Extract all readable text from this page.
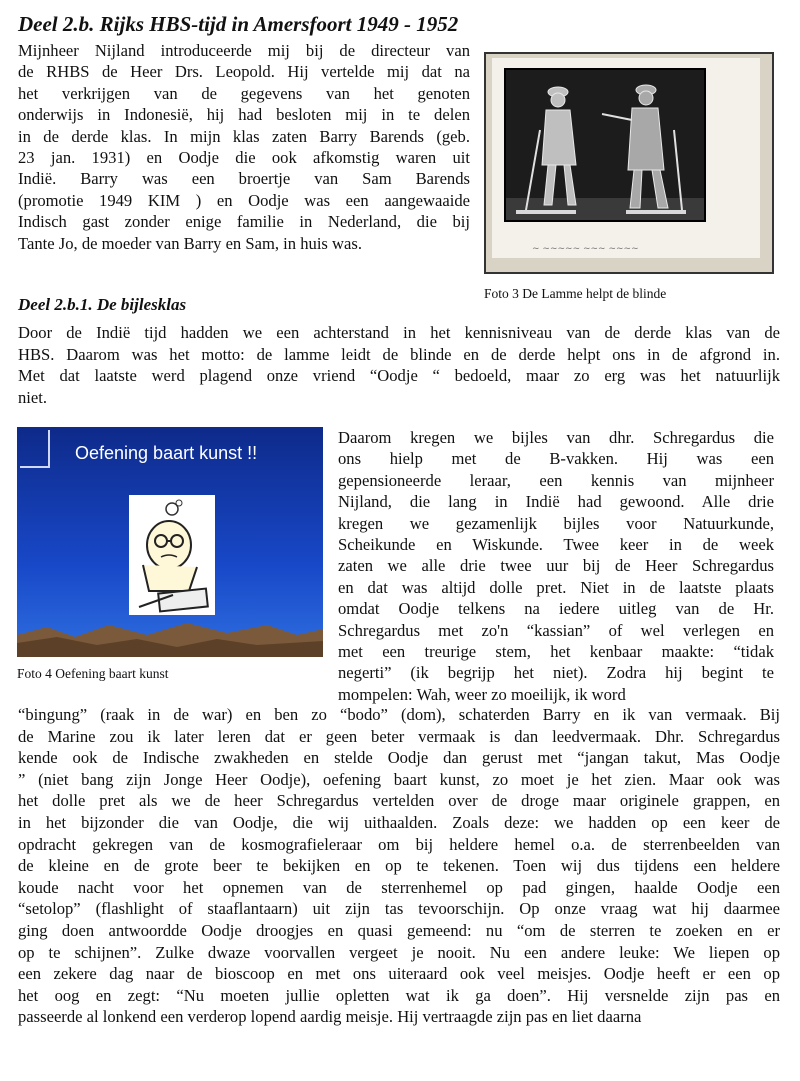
Deel 2.b. Rijks HBS-tijd in Amersfoort 1949 - 1952
Mijnheer Nijland introduceerde mij bij de directeur van
de RHBS de Heer Drs. Leopold. Hij vertelde mij dat na
het verkrijgen van de gegevens van het genoten
onderwijs in Indonesië, hij had besloten mij in te delen
in de derde klas. In mijn klas zaten Barry Barends (geb.
23 jan. 1931) en Oodje die ook afkomstig waren uit
Indië. Barry was een broertje van Sam Barends
(promotie 1949 KIM ) en Oodje was een aangewaaide
Indisch gast zonder enige familie in Nederland, die bij
Tante Jo, de moeder van Barry en Sam, in huis was.	~ ~~~~~ ~~~ ~~~~
Foto 3 De Lamme helpt de blinde
Deel 2.b.1. De bijlesklas
Door de Indië tijd hadden we een achterstand in het kennisniveau van de derde klas van de
HBS. Daarom was het motto: de lamme leidt de blinde en de derde helpt ons in de afgrond in.
Met dat laatste werd plagend onze vriend “Oodje “ bedoeld, maar zo erg was het natuurlijk
niet.
Oefening baart kunst !!
Foto 4 Oefening baart kunst
Daarom kregen we bijles van dhr. Schregardus die
ons hielp met de B-vakken. Hij was een
gepensioneerde leraar, een kennis van mijnheer
Nijland, die lang in Indië had gewoond. Alle drie
kregen we gezamenlijk bijles voor Natuurkunde,
Scheikunde en Wiskunde. Twee keer in de week
zaten we alle drie twee uur bij de Heer Schregardus
en dat was altijd dolle pret. Niet in de laatste plaats
omdat Oodje telkens na iedere uitleg van de Hr.
Schregardus met zo'n “kassian” of wel verlegen en
met een treurige stem, het kenbaar maakte: “tidak
negerti” (ik begrijp het niet). Zodra hij begint te
mompelen: Wah, weer zo moeilijk, ik word
“bingung” (raak in de war) en ben zo “bodo” (dom), schaterden Barry en ik van vermaak. Bij
de Marine zou ik later leren dat er geen beter vermaak is dan leedvermaak. Dhr. Schregardus
kende ook de Indische zwakheden en stelde Oodje dan gerust met “jangan takut, Mas Oodje
” (niet bang zijn Jonge Heer Oodje), oefening baart kunst, zo moet je het zien. Maar ook was
het dolle pret als we de heer Schregardus vertelden over de droge maar originele grappen, en
in het bijzonder die van Oodje, die wij uithaalden. Zoals deze: we hadden op een keer de
opdracht gekregen van de kosmografieleraar om bij heldere hemel o.a. de sterrenbeelden van
de kleine en de grote beer te bekijken en op te tekenen. Toen wij dus tijdens een heldere
koude nacht voor het opnemen van de sterrenhemel op pad gingen, haalde Oodje een
“setolop” (flashlight of staaflantaarn) uit zijn tas tevoorschijn. Op onze vraag wat hij daarmee
ging doen antwoordde Oodje droogjes en quasi gemeend: nu “om de sterren te zoeken en er
op te schijnen”. Zulke dwaze voorvallen vergeet je nooit. Nu een andere leuke: We liepen op
een zekere dag naar de bioscoop en met ons uiteraard ook veel meisjes. Oodje heeft er een op
het oog en zegt: “Nu moeten jullie opletten wat ik ga doen”. Hij versnelde zijn pas en
passeerde al lonkend een verderop lopend aardig meisje. Hij vertraagde zijn pas en liet daarna
